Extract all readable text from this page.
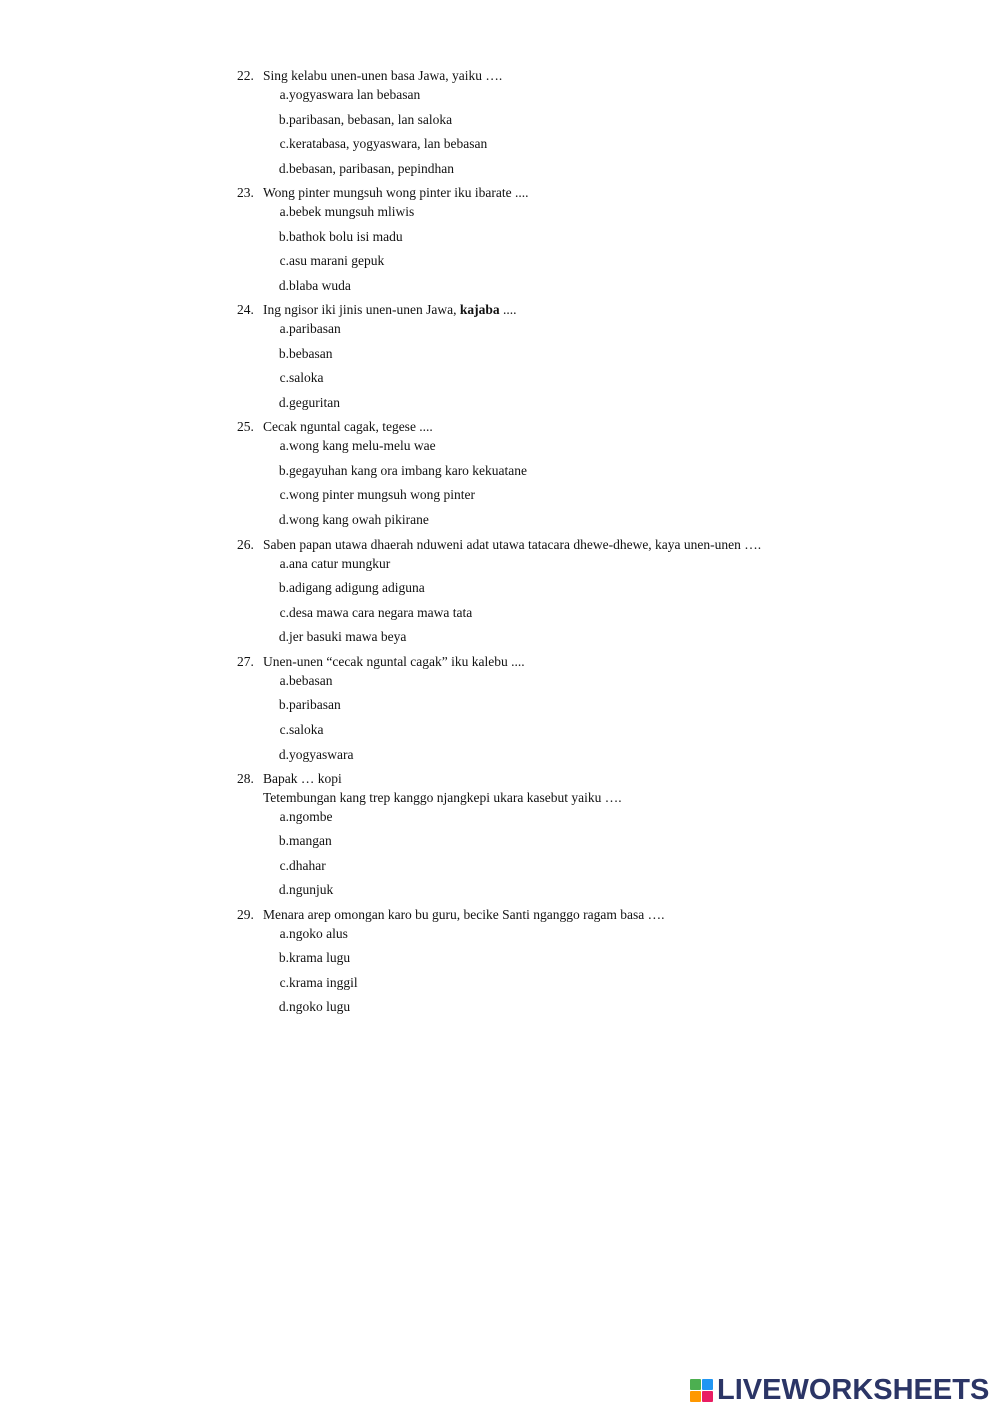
22. Sing kelabu unen-unen basa Jawa, yaiku ….
a.yogyaswara lan bebasan
b.paribasan, bebasan, lan saloka
c.keratabasa, yogyaswara, lan bebasan
d.bebasan, paribasan, pepindhan
23. Wong pinter mungsuh wong pinter iku ibarate ....
a.bebek mungsuh mliwis
b.bathok bolu isi madu
c.asu marani gepuk
d.blaba wuda
24. Ing ngisor iki jinis unen-unen Jawa, kajaba ....
a.paribasan
b.bebasan
c.saloka
d.geguritan
25. Cecak nguntal cagak, tegese ....
a.wong kang melu-melu wae
b.gegayuhan kang ora imbang karo kekuatane
c.wong pinter mungsuh wong pinter
d.wong kang owah pikirane
26. Saben papan utawa dhaerah nduweni adat utawa tatacara dhewe-dhewe, kaya unen-unen ….
a.ana catur mungkur
b.adigang adigung adiguna
c.desa mawa cara negara mawa tata
d.jer basuki mawa beya
27. Unen-unen “cecak nguntal cagak” iku kalebu ....
a.bebasan
b.paribasan
c.saloka
d.yogyaswara
28. Bapak … kopi
Tetembungan kang trep kanggo njangkepi ukara kasebut yaiku ….
a.ngombe
b.mangan
c.dhahar
d.ngunjuk
29. Menara arep omongan karo bu guru, becike Santi nganggo ragam basa ….
a.ngoko alus
b.krama lugu
c.krama inggil
d.ngoko lugu
LIVEWORKSHEETS
